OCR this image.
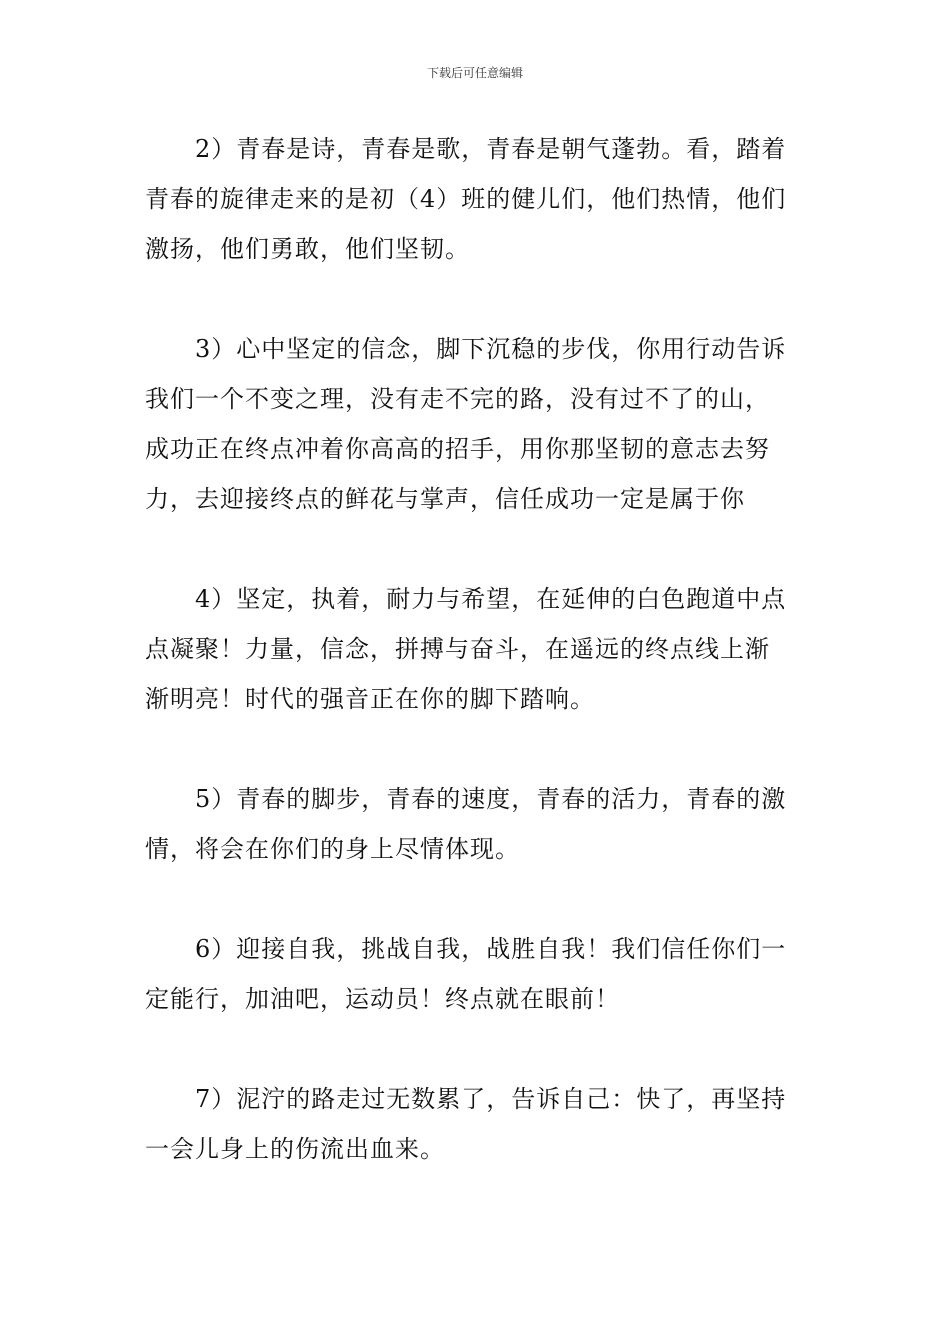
下载后可任意编辑

2）青春是诗，青春是歌，青春是朝气蓬勃。看，踏着
青春的旋律走来的是初（4）班的健儿们，他们热情，他们
激扬，他们勇敢，他们坚韧。

3）心中坚定的信念，脚下沉稳的步伐，你用行动告诉
我们一个不变之理，没有走不完的路，没有过不了的山，
成功正在终点冲着你高高的招手，用你那坚韧的意志去努
力，去迎接终点的鲜花与掌声，信任成功一定是属于你

4）坚定，执着，耐力与希望，在延伸的白色跑道中点
点凝聚！力量，信念，拼搏与奋斗，在遥远的终点线上渐
渐明亮！时代的强音正在你的脚下踏响。

5）青春的脚步，青春的速度，青春的活力，青春的激
情，将会在你们的身上尽情体现。

6）迎接自我，挑战自我，战胜自我！我们信任你们一
定能行，加油吧，运动员！终点就在眼前！

7）泥泞的路走过无数累了，告诉自己：快了，再坚持
一会儿身上的伤流出血来。
